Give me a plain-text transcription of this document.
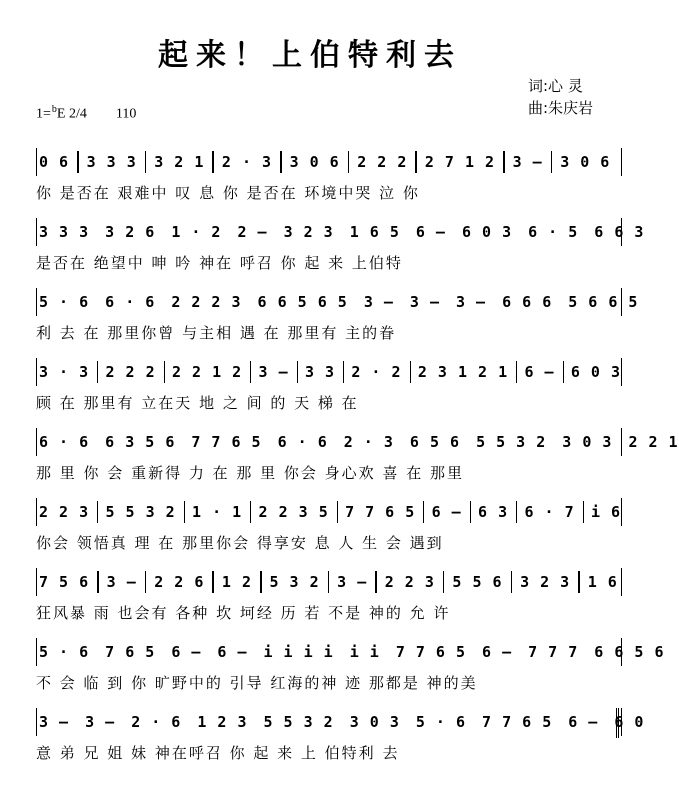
起来！上伯特利去
词:心 灵
曲:朱庆岩
1=$^b$E 2/4 110
0 6 3 3 3 3 2 1 2 · 3 3 0 6 2 2 2 2 7 1 2 3 – 3 0 6
你 是否在 艰难中 叹 息 你 是否在 环境中哭 泣 你
3 3 3 3 2 6 1 · 2 2 – 3 2 3 1 6 5 6 – 6 0 3 6 · 5 6 6 3
是否在 绝望中 呻 吟 神在 呼召 你 起 来 上伯特
5 · 6 6 · 6 2 2 2 3 6 6 5 6 5 3 – 3 – 3 – 6 6 6 5 6 6 5
利 去 在 那里你曾 与主相 遇 在 那里有 主的眷
3 · 3 2 2 2 2 2 1 2 3 – 3 3 2 · 2 2 3 1 2 1 6 – 6 0 3
顾 在 那里有 立在天 地 之 间 的 天 梯 在
6 · 6 6 3 5 6 7 7 6 5 6 · 6 2 · 3 6 5 6 5 5 3 2 3 0 3 2 2 1
那 里 你 会 重新得 力 在 那 里 你会 身心欢 喜 在 那里
2 2 3 5 5 3 2 1 · 1 2 2 3 5 7 7 6 5 6 – 6 3 6 · 7 i 6
你会 领悟真 理 在 那里你会 得享安 息 人 生 会 遇到
7 5 6 3 – 2 2 6 1 2 5 3 2 3 – 2 2 3 5 5 6 3 2 3 1 6
狂风暴 雨 也会有 各种 坎 坷经 历 若 不是 神的 允 许
5 · 6 7 6 5 6 – 6 – i i i i i i 7 7 6 5 6 – 7 7 7 6 6 5 6
不 会 临 到 你 旷野中的 引导 红海的神 迹 那都是 神的美
3 – 3 – 2 · 6 1 2 3 5 5 3 2 3 0 3 5 · 6 7 7 6 5 6 – 6 0
意 弟 兄 姐 妹 神在呼召 你 起 来 上 伯特利 去
